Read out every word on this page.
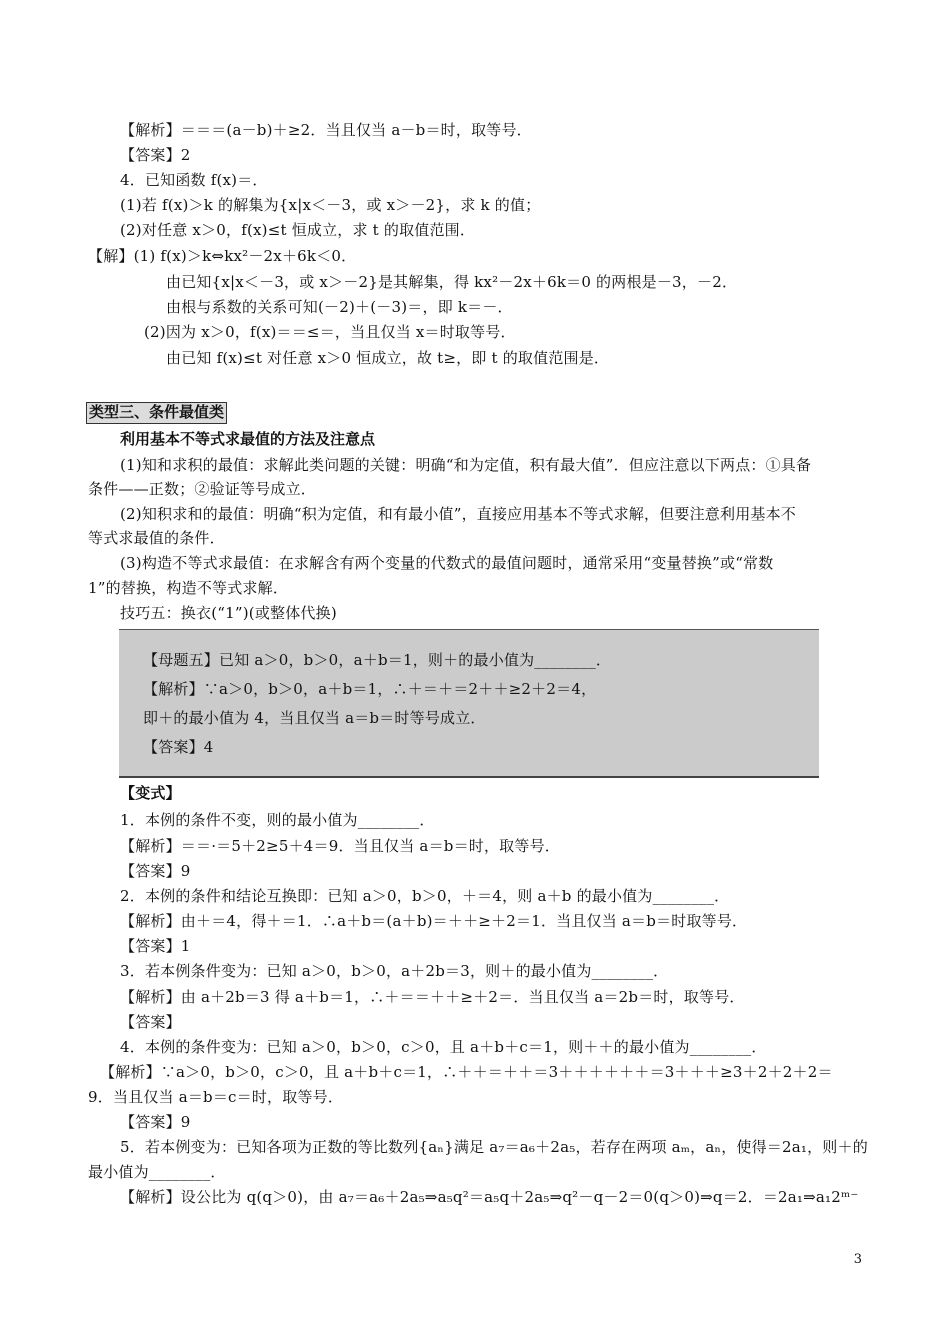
【解析】＝＝＝(a－b)＋≥2．当且仅当 a－b＝时，取等号．
【答案】2
4．已知函数 f(x)＝．
(1)若 f(x)＞k 的解集为{x|x＜－3，或 x＞－2}，求 k 的值；
(2)对任意 x＞0，f(x)≤t 恒成立，求 t 的取值范围．
【解】(1) f(x)＞k⇔kx²－2x＋6k＜0．
由已知{x|x＜－3，或 x＞－2}是其解集，得 kx²－2x＋6k＝0 的两根是－3，－2．
由根与系数的关系可知(－2)＋(－3)＝，即 k＝－．
(2)因为 x＞0，f(x)＝＝≤＝，当且仅当 x＝时取等号．
由已知 f(x)≤t 对任意 x＞0 恒成立，故 t≥，即 t 的取值范围是．
类型三、条件最值类
利用基本不等式求最值的方法及注意点
(1)知和求积的最值：求解此类问题的关键：明确“和为定值，积有最大值”．但应注意以下两点：①具备
条件——正数；②验证等号成立．
(2)知积求和的最值：明确“积为定值，和有最小值”，直接应用基本不等式求解，但要注意利用基本不
等式求最值的条件．
(3)构造不等式求最值：在求解含有两个变量的代数式的最值问题时，通常采用“变量替换”或“常数
1”的替换，构造不等式求解．
技巧五：换衣(“1”)(或整体代换)
【母题五】已知 a＞0，b＞0，a＋b＝1，则＋的最小值为________．
【解析】∵a＞0，b＞0，a＋b＝1，∴＋＝＋＝2＋＋≥2＋2＝4，
即＋的最小值为 4，当且仅当 a＝b＝时等号成立．
【答案】4
【变式】
1．本例的条件不变，则的最小值为________．
【解析】＝＝·＝5＋2≥5＋4＝9．当且仅当 a＝b＝时，取等号．
【答案】9
2．本例的条件和结论互换即：已知 a＞0，b＞0，＋＝4，则 a＋b 的最小值为________．
【解析】由＋＝4，得＋＝1．∴a＋b＝(a＋b)＝＋＋≥＋2＝1．当且仅当 a＝b＝时取等号．
【答案】1
3．若本例条件变为：已知 a＞0，b＞0，a＋2b＝3，则＋的最小值为________．
【解析】由 a＋2b＝3 得 a＋b＝1，∴＋＝＝＋＋≥＋2＝．当且仅当 a＝2b＝时，取等号．
【答案】
4．本例的条件变为：已知 a＞0，b＞0，c＞0，且 a＋b＋c＝1，则＋＋的最小值为________．
【解析】∵a＞0，b＞0，c＞0，且 a＋b＋c＝1，∴＋＋＝＋＋＝3＋＋＋＋＋＋＝3＋＋＋≥3＋2＋2＋2＝
9．当且仅当 a＝b＝c＝时，取等号．
【答案】9
5．若本例变为：已知各项为正数的等比数列{aₙ}满足 a₇＝a₆＋2a₅，若存在两项 aₘ，aₙ，使得＝2a₁，则＋的
最小值为________．
【解析】设公比为 q(q＞0)，由 a₇＝a₆＋2a₅⇒a₅q²＝a₅q＋2a₅⇒q²－q－2＝0(q＞0)⇒q＝2．＝2a₁⇒a₁2ᵐ⁻
3
